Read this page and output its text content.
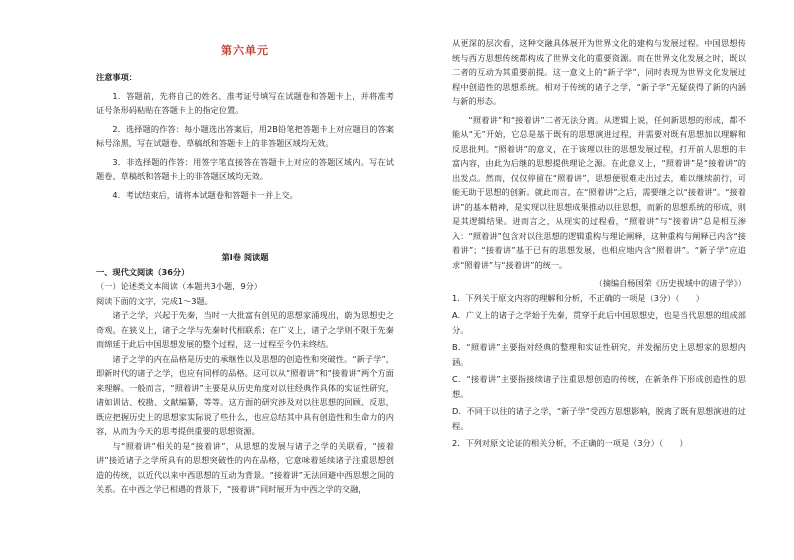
第六单元

注意事项：

1．答题前，先将自己的姓名、准考证号填写在试题卷和答题卡上，并将准考证号条形码粘贴在答题卡上的指定位置。

2．选择题的作答：每小题选出答案后，用2B铅笔把答题卡上对应题目的答案标号涂黑，写在试题卷、草稿纸和答题卡上的非答题区域均无效。

3．非选择题的作答：用签字笔直接答在答题卡上对应的答题区域内。写在试题卷、草稿纸和答题卡上的非答题区域均无效。

4．考试结束后，请将本试题卷和答题卡一并上交。

第Ⅰ卷 阅读题

一、现代文阅读（36分）

（一）论述类文本阅读（本题共3小题，9分）

阅读下面的文字，完成1～3题。

诸子之学，兴起于先秦，当时一大批富有创见的思想家涌现出，蔚为思想史之奇观。在狭义上，诸子之学与先秦时代相联系；在广义上，诸子之学则不限于先秦而绵延于此后中国思想发展的整个过程，这一过程至今仍未终结。

诸子之学的内在品格是历史的承继性以及思想的创造性和突破性。“新子学”，即新时代的诸子之学，也应有同样的品格。这可以从“照着讲”和“接着讲”两个方面来理解。一般而言，“照着讲”主要是从历史角度对以往经典作具体的实证性研究，诸如训诂、校勘、文献编纂，等等。这方面的研究涉及对以往思想的回顾、反思，既应把握历史上的思想家实际说了些什么，也应总结其中具有创造性和生命力的内容，从而为今天的思考提供重要的思想资源。

与“照着讲”相关的是“接着讲”，从思想的发展与诸子之学的关联看，“接着讲”接近诸子之学所具有的思想突破性的内在品格，它意味着延续诸子注重思想创造的传统，以近代以来中西思想的互动为背景。“接着讲”无法回避中西思想之间的关系。在中西之学已相遇的背景下，“接着讲”同时展开为中西之学的交融，

从更深的层次看，这种交融具体展开为世界文化的建构与发展过程。中国思想传统与西方思想传统都构成了世界文化的重要资源。而在世界文化发展之时，既以二者的互动为其重要前提。这一意义上的“新子学”，同时表现为世界文化发展过程中创造性的思想系统。相对于传统的诸子之学，“新子学”无疑获得了新的内涵与新的形态。

“照着讲”和“接着讲”二者无法分离。从逻辑上说，任何新思想的形成，都不能从“无”开始，它总是基于既有的思想演进过程，并需要对既有思想加以理解和反思批判。“照着讲”的意义，在于该理以往的思想发展过程，打开前人思想的丰富内容，由此为后继的思想提供理论之源。在此意义上，“照着讲”是“接着讲”的出发点。然而，仅仅停留在“照着讲”，思想便很难走出过去，难以继续前行，可能无助于思想的创新。就此而言，在“照着讲”之后，需要继之以“接着讲”。“接着讲”的基本精神，是实现以往思想成果推动以往思想，而新的思想系统的形成，则是其逻辑结果。进而言之，从现实的过程看，“照着讲”与“接着讲”总是相互渗入：“照着讲”包含对以往思想的逻辑重构与理论阐释，这种重构与阐释已内含“接着讲”；“接着讲”基于已有的思想发展，也相应地内含“照着讲”。“新子学”应追求“照着讲”与“接着讲”的统一。

（摘编自杨国荣《历史视域中的诸子学》）

1．下列关于原文内容的理解和分析，不正确的一项是（3分）（　　）

A．广义上的诸子之学始于先秦，贯穿于此后中国思想史，也是当代思想的组成部分。

B．“照着讲”主要指对经典的整理和实证性研究，并发掘历史上思想家的思想内涵。

C．“接着讲”主要指接续诸子注重思想创造的传统，在新条件下形成创造性的思想。

D．不同于以往的诸子之学，“新子学”受西方思想影响，脱离了既有思想演进的过程。

2．下列对原文论证的相关分析，不正确的一项是（3分）（　　）
